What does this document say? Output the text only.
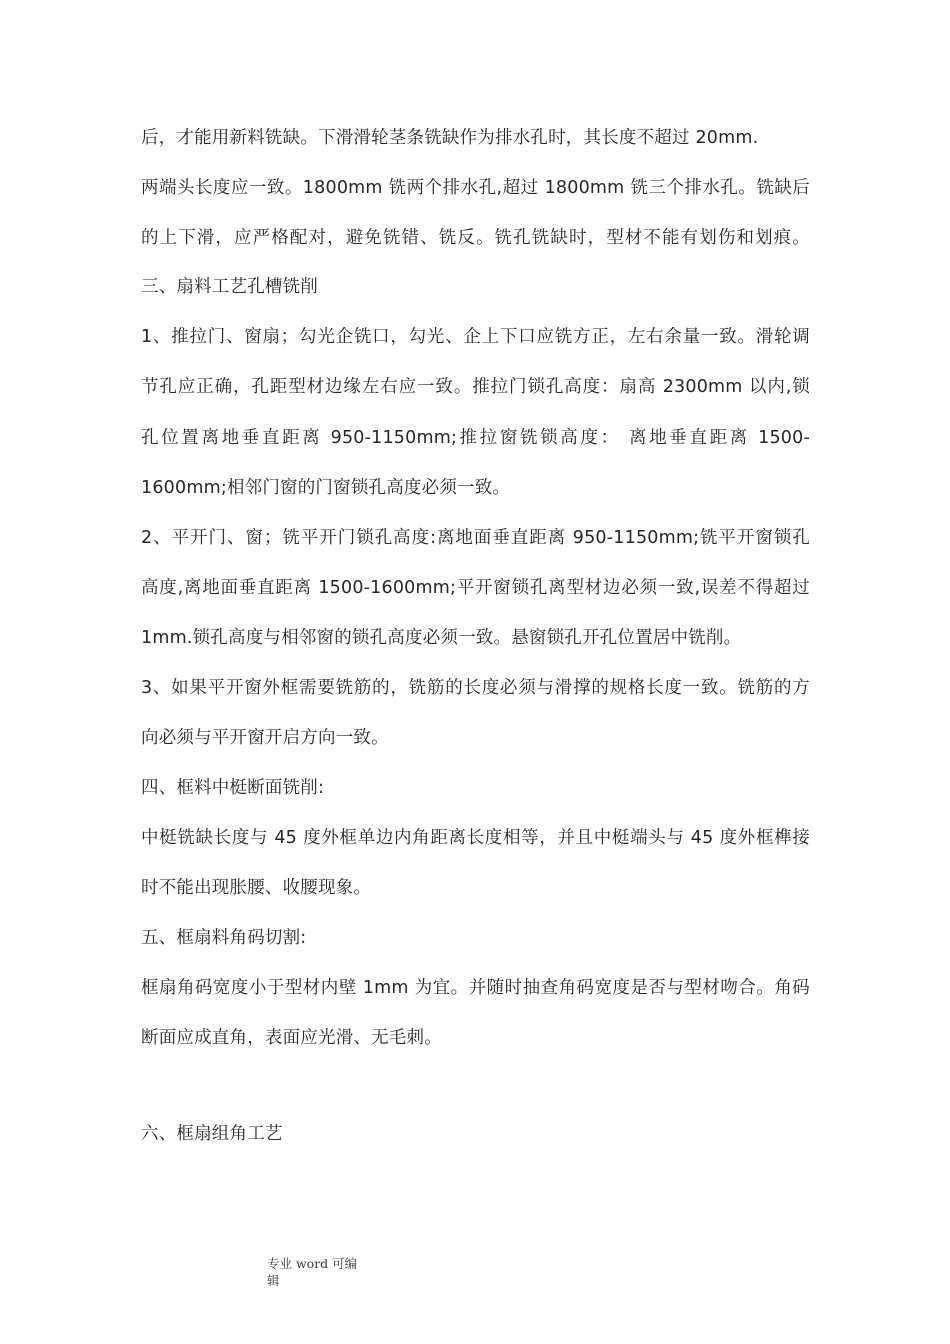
后，才能用新料铣缺。下滑滑轮茎条铣缺作为排水孔时，其长度不超过 20mm.
两端头长度应一致。1800mm 铣两个排水孔,超过 1800mm 铣三个排水孔。铣缺后
的上下滑，应严格配对，避免铣错、铣反。铣孔铣缺时，型材不能有划伤和划痕。
三、扇料工艺孔槽铣削
1、推拉门、窗扇；勾光企铣口，勾光、企上下口应铣方正，左右余量一致。滑轮调
节孔应正确，孔距型材边缘左右应一致。推拉门锁孔高度：扇高 2300mm 以内,锁
孔位置离地垂直距离 950-1150mm;推拉窗铣锁高度： 离地垂直距离 1500-
1600mm;相邻门窗的门窗锁孔高度必须一致。
2、平开门、窗；铣平开门锁孔高度:离地面垂直距离 950-1150mm;铣平开窗锁孔
高度,离地面垂直距离 1500-1600mm;平开窗锁孔离型材边必须一致,误差不得超过
1mm.锁孔高度与相邻窗的锁孔高度必须一致。悬窗锁孔开孔位置居中铣削。
3、如果平开窗外框需要铣筋的，铣筋的长度必须与滑撑的规格长度一致。铣筋的方
向必须与平开窗开启方向一致。
四、框料中梃断面铣削:
中梃铣缺长度与 45 度外框单边内角距离长度相等，并且中梃端头与 45 度外框榫接
时不能出现胀腰、收腰现象。
五、框扇料角码切割:
框扇角码宽度小于型材内壁 1mm 为宜。并随时抽查角码宽度是否与型材吻合。角码
断面应成直角，表面应光滑、无毛刺。
六、框扇组角工艺
专业 word 可编
辑
